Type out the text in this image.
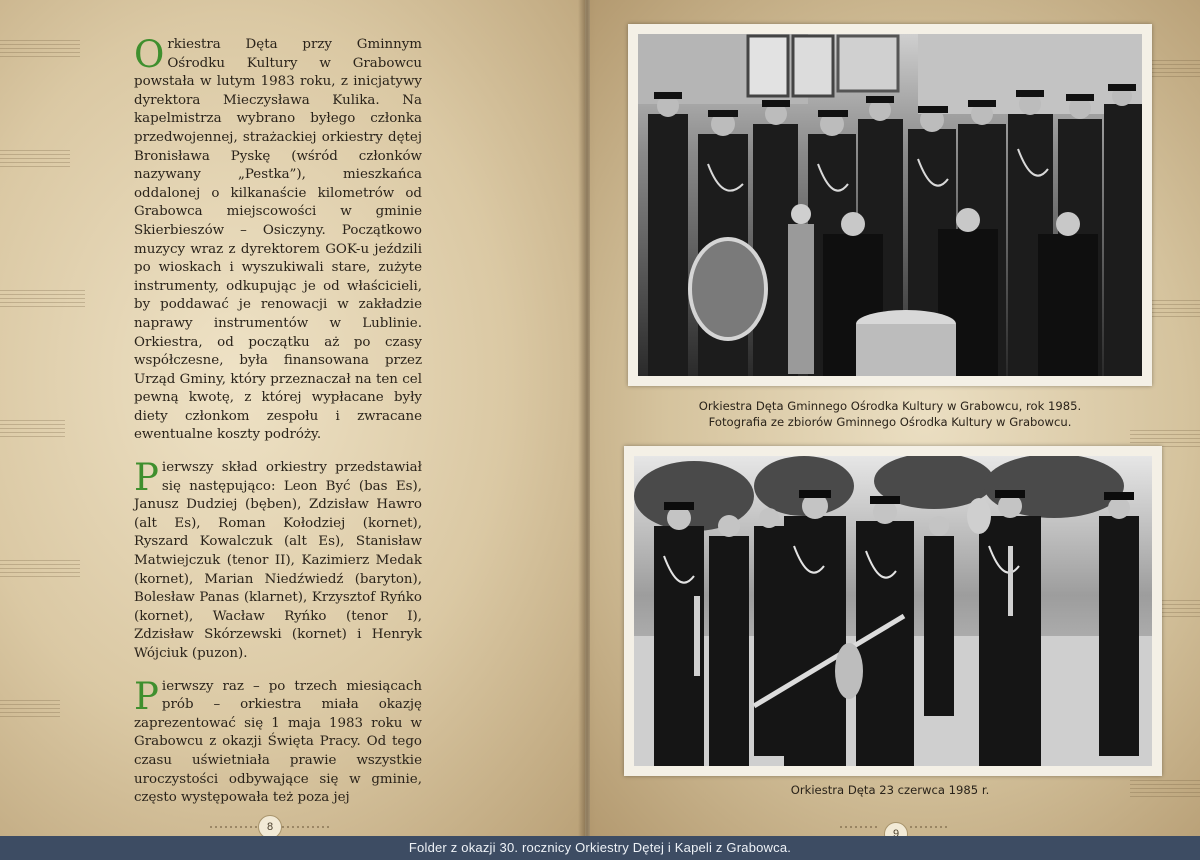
Orkiestra Dęta przy Gminnym Ośrodku Kultury w Grabowcu powstała w lutym 1983 roku, z inicjatywy dyrektora Mieczysława Kulika. Na kapelmistrza wybrano byłego członka przedwojennej, strażackiej orkiestry dętej Bronisława Pyskę (wśród członków nazywany „Pestka”), mieszkańca oddalonej o kilkanaście kilometrów od Grabowca miejscowości w gminie Skierbieszów – Osiczyny. Początkowo muzycy wraz z dyrektorem GOK-u jeździli po wioskach i wyszukiwali stare, zużyte instrumenty, odkupując je od właścicieli, by poddawać je renowacji w zakładzie naprawy instrumentów w Lublinie. Orkiestra, od początku aż po czasy współczesne, była finansowana przez Urząd Gminy, który przeznaczał na ten cel pewną kwotę, z której wypłacane były diety członkom zespołu i zwracane ewentualne koszty podróży.

Pierwszy skład orkiestry przedstawiał się następująco: Leon Być (bas Es), Janusz Dudziej (bęben), Zdzisław Hawro (alt Es), Roman Kołodziej (kornet), Ryszard Kowalczuk (alt Es), Stanisław Matwiejczuk (tenor II), Kazimierz Medak (kornet), Marian Niedźwiedź (baryton), Bolesław Panas (klarnet), Krzysztof Ryńko (kornet), Wacław Ryńko (tenor I), Zdzisław Skórzewski (kornet) i Henryk Wójciuk (puzon).

Pierwszy raz – po trzech miesiącach prób – orkiestra miała okazję zaprezentować się 1 maja 1983 roku w Grabowcu z okazji Święta Pracy. Od tego czasu uświetniała prawie wszystkie uroczystości odbywające się w gminie, często występowała też poza jej

8
Orkiestra Dęta Gminnego Ośrodka Kultury w Grabowcu, rok 1985.
Fotografia ze zbiorów Gminnego Ośrodka Kultury w Grabowcu.
Orkiestra Dęta 23 czerwca 1985 r.
9
Folder z okazji 30. rocznicy Orkiestry Dętej i Kapeli z Grabowca.
